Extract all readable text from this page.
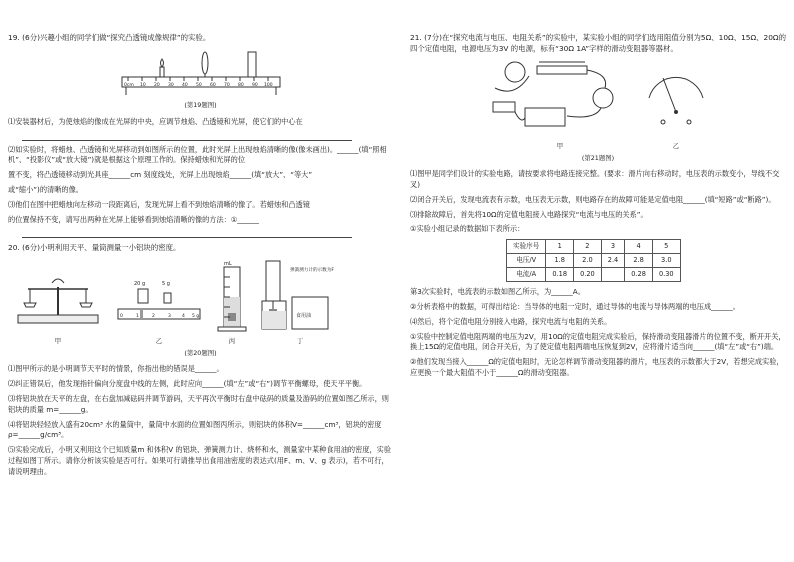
19. (6分)兴趣小组的同学们做“探究凸透镜成像规律”的实验。

0cm 10 20 30 40 50 60 70 80 90 100

(第19题图)

⑴安装器材后，为使烛焰的像成在光屏的中央，应调节烛焰、凸透镜和光屏，使它们的中心在

⑵如实验时，将蜡烛、凸透镜和光屏移动到如图所示的位置，此时光屏上出现烛焰清晰的像(像未画出)。______(填“照相机”、“投影仪”或“放大镜”)就是根据这个原理工作的。保持蜡烛和光屏的位

置不变，将凸透镜移动到光具座______cm 刻度线处，光屏上出现烛焰______(填“放大”、“等大”

或“缩小”)的清晰的像。

⑶他们在图中把蜡烛向左移动一段距离后，发现光屏上看不到烛焰清晰的像了。若蜡烛和凸透镜

的位置保持不变，请写出两种在光屏上能够看到烛焰清晰的像的方法：①______

20. (6分)小明利用天平、量筒测量一小铝块的密度。

甲
20 g	5 g
0	1	2	3 4 5 g
乙
mL
丙
弹簧测力计的示数为F
食用油
丁

(第20题图)

⑴图甲所示的是小明调节天平时的情景，你指出他的错误是______。

⑵纠正错误后，他发现指针偏向分度盘中线的左侧，此时应向______(填“左”或“右”)调节平衡螺母，使天平平衡。

⑶将铝块放在天平的左盘，在右盘加减砝码并调节游码，天平再次平衡时右盘中砝码的质量及游码的位置如图乙所示，则铝块的质量 m=______g。

⑷将铝块轻轻放入盛有20cm³ 水的量筒中，量筒中水面的位置如图丙所示，则铝块的体积V=______cm³，铝块的密度 ρ=______g/cm³。

⑸实验完成后，小明又利用这个已知质量m 和体积V 的铝块、弹簧测力计、烧杯和水，测量家中某种食用油的密度，实验过程如图丁所示。请你分析该实验是否可行。如果可行请推导出食用油密度的表达式(用F、m、V、g 表示)，若不可行，请说明理由。

21. (7分)在“探究电流与电压、电阻关系”的实验中，某实验小组的同学们选用阻值分别为5Ω、10Ω、15Ω、20Ω的四个定值电阻，电源电压为3V 的电源，标有“30Ω 1A”字样的滑动变阻器等器材。

甲	乙

(第21题图)

⑴图甲是同学们设计的实验电路，请按要求将电路连接完整。(要求：滑片向右移动时，电压表的示数变小，导线不交叉)

⑵闭合开关后，发现电流表有示数，电压表无示数，则电路存在的故障可能是定值电阻______(填“短路”或“断路”)。

⑶排除故障后，首先将10Ω的定值电阻接入电路探究“电流与电压的关系”。

①实验小组记录的数据如下表所示：

实验序号	1	2	3	4	5
电压/V	1.8	2.0	2.4	2.8	3.0
电流/A	0.18	0.20		0.28	0.30

第3次实验时，电流表的示数如图乙所示，为______A。

②分析表格中的数据，可得出结论：当导体的电阻一定时，通过导体的电流与导体两端的电压成______。

⑷然后，将个定值电阻分别接入电路，探究电流与电阻的关系。

①实验中控制定值电阻两端的电压为2V，用10Ω的定值电阻完成实验后，保持滑动变阻器滑片的位置不变，断开开关，换上15Ω的定值电阻，闭合开关后，为了使定值电阻两端电压恢复到2V，应将滑片适当向______(填“左”或“右”)端。

②他们发现当接入______Ω的定值电阻时，无论怎样调节滑动变阻器的滑片，电压表的示数都大于2V，若想完成实验，应更换一个最大阻值不小于______Ω的滑动变阻器。
